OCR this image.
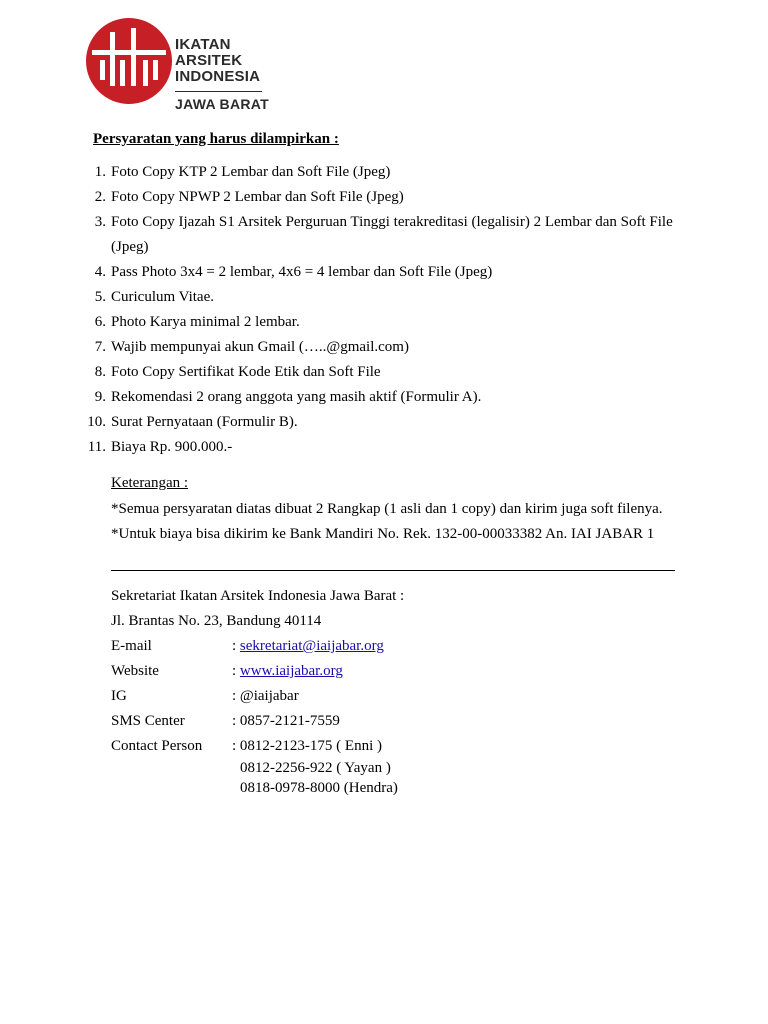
IKATAN
ARSITEK
INDONESIA
JAWA BARAT
Persyaratan yang harus dilampirkan :
1. Foto Copy KTP 2 Lembar dan Soft File (Jpeg)
2. Foto Copy NPWP 2 Lembar dan Soft File (Jpeg)
3. Foto Copy Ijazah S1 Arsitek Perguruan Tinggi terakreditasi (legalisir) 2 Lembar dan Soft File (Jpeg)
4. Pass Photo 3x4 = 2 lembar, 4x6 = 4 lembar dan Soft File (Jpeg)
5. Curiculum Vitae.
6. Photo Karya minimal 2 lembar.
7. Wajib mempunyai akun Gmail (…..@gmail.com)
8. Foto Copy Sertifikat Kode Etik dan Soft File
9. Rekomendasi 2 orang anggota yang masih aktif (Formulir A).
10. Surat Pernyataan (Formulir B).
11. Biaya Rp. 900.000.-

Keterangan :

*Semua persyaratan diatas dibuat 2 Rangkap (1 asli dan 1 copy) dan kirim juga soft filenya.

*Untuk biaya bisa dikirim ke Bank Mandiri No. Rek. 132-00-00033382 An. IAI JABAR 1

Sekretariat Ikatan Arsitek Indonesia Jawa Barat :
Jl. Brantas No. 23, Bandung 40114
E-mail	: sekretariat@iaijabar.org
Website	: www.iaijabar.org
IG	: @iaijabar
SMS Center	: 0857-2121-7559
Contact Person : 0812-2123-175 ( Enni )
0812-2256-922 ( Yayan )
0818-0978-8000 (Hendra)
